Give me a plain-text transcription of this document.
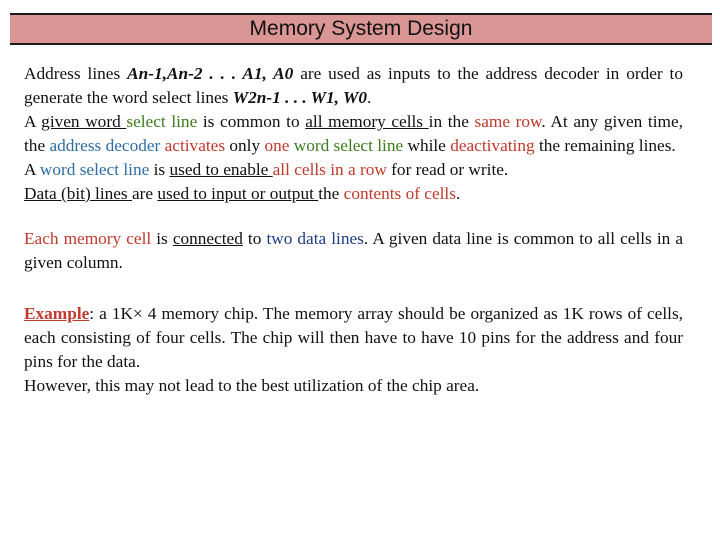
Memory System Design

Address lines An-1,An-2 . . . A1, A0 are used as inputs to the address decoder in order to generate the word select lines W2n-1 . . . W1, W0.

A given word select line is common to all memory cells in the same row. At any given time, the address decoder activates only one word select line while deactivating the remaining lines.

A word select line is used to enable all cells in a row for read or write.

Data (bit) lines are used to input or output the contents of cells.

Each memory cell is connected to two data lines. A given data line is common to all cells in a given column.

Example: a 1K× 4 memory chip. The memory array should be organized as 1K rows of cells, each consisting of four cells. The chip will then have to have 10 pins for the address and four pins for the data.

However, this may not lead to the best utilization of the chip area.
